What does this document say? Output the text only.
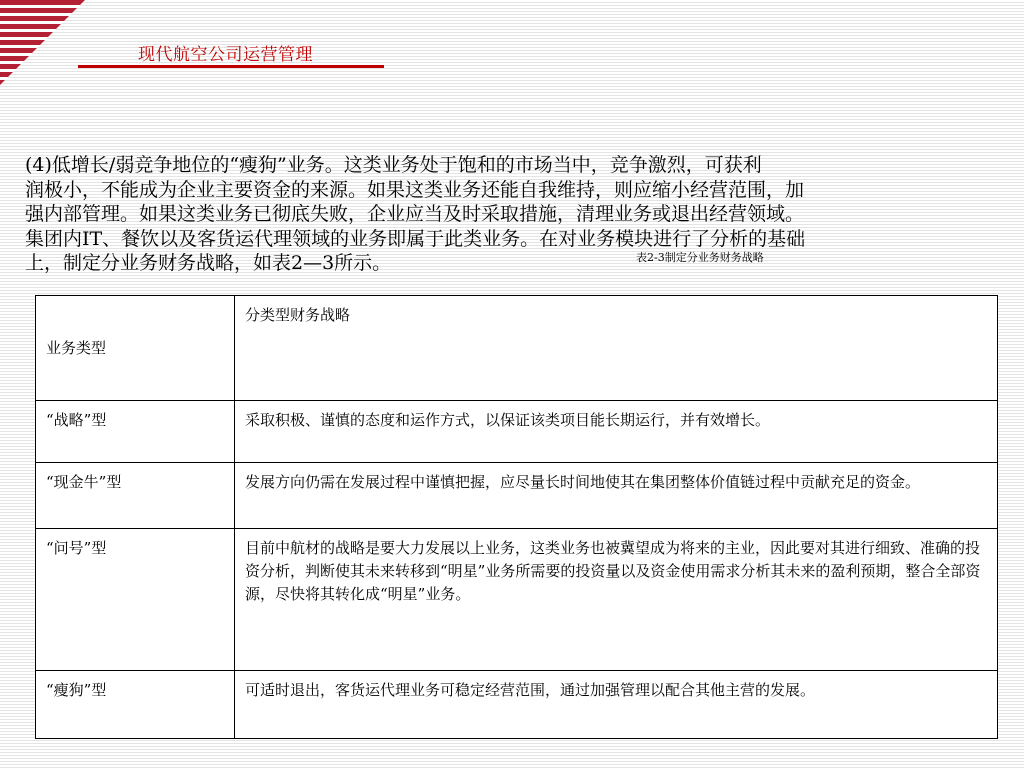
现代航空公司运营管理
(4)低增长/弱竞争地位的“瘦狗”业务。这类业务处于饱和的市场当中，竞争激烈，可获利
润极小，不能成为企业主要资金的来源。如果这类业务还能自我维持，则应缩小经营范围，加
强内部管理。如果这类业务已彻底失败，企业应当及时采取措施，清理业务或退出经营领域。
集团内IT、餐饮以及客货运代理领域的业务即属于此类业务。在对业务模块进行了分析的基础
上，制定分业务财务战略，如表2—3所示。	表2-3制定分业务财务战略
业务类型	分类型财务战略
“战略”型	采取积极、谨慎的态度和运作方式，以保证该类项目能长期运行，并有效增长。
“现金牛”型	发展方向仍需在发展过程中谨慎把握，应尽量长时间地使其在集团整体价值链过程中贡献充足的资金。
“问号”型	目前中航材的战略是要大力发展以上业务，这类业务也被冀望成为将来的主业，因此要对其进行细致、准确的投资分析，判断使其未来转移到“明星”业务所需要的投资量以及资金使用需求分析其未来的盈利预期，整合全部资源，尽快将其转化成“明星”业务。
“瘦狗”型	可适时退出，客货运代理业务可稳定经营范围，通过加强管理以配合其他主营的发展。
